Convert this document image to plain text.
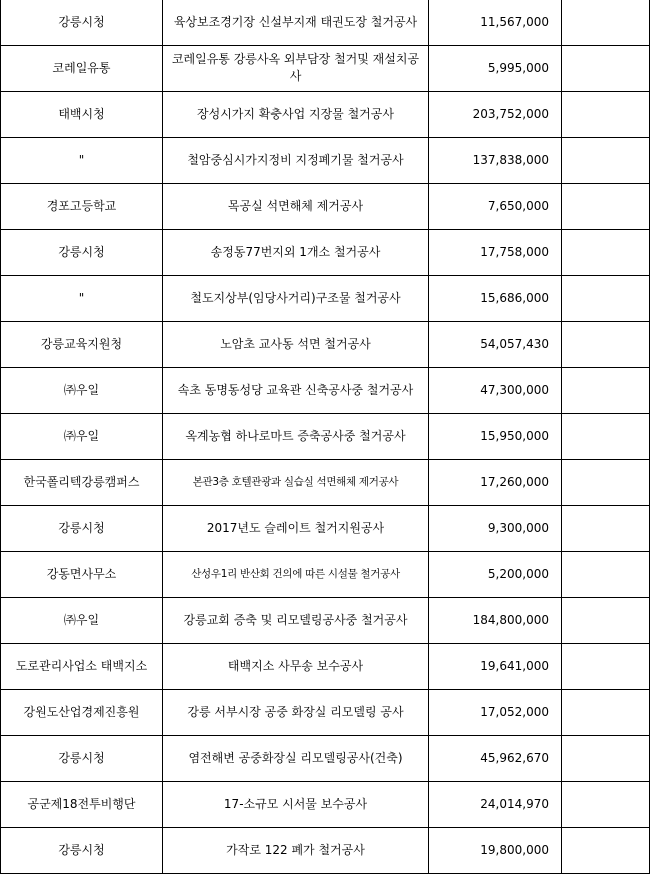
강릉시청	육상보조경기장 신설부지재 태권도장 철거공사	11,567,000	
코레일유통	코레일유통 강릉사옥 외부담장 철거및 재설치공사	5,995,000	
태백시청	장성시가지 확충사업 지장물 철거공사	203,752,000	
"	철암중심시가지정비 지정폐기물 철거공사	137,838,000	
경포고등학교	목공실 석면해체 제거공사	7,650,000	
강릉시청	송정동77번지외 1개소 철거공사	17,758,000	
"	철도지상부(임당사거리)구조물 철거공사	15,686,000	
강릉교육지원청	노암초 교사동 석면 철거공사	54,057,430	
㈜우일	속초 동명동성당 교육관 신축공사중 철거공사	47,300,000	
㈜우일	옥계농협 하나로마트 증축공사중 철거공사	15,950,000	
한국폴리텍강릉캠퍼스	본관3층 호텔관광과 실습실 석면해체 제거공사	17,260,000	
강릉시청	2017년도 슬레이트 철거지원공사	9,300,000	
강동면사무소	산성우1리 반산회 건의에 따른 시설물 철거공사	5,200,000	
㈜우일	강릉교회 증축 및 리모델링공사중 철거공사	184,800,000	
도로관리사업소 태백지소	태백지소 사무송 보수공사	19,641,000	
강원도산업경제진흥원	강릉 서부시장 공중 화장실 리모델링 공사	17,052,000	
강릉시청	염전해변 공중화장실 리모델링공사(건축)	45,962,670	
공군제18전투비행단	17-소규모 시서물 보수공사	24,014,970	
강릉시청	가작로 122 폐가 철거공사	19,800,000	
